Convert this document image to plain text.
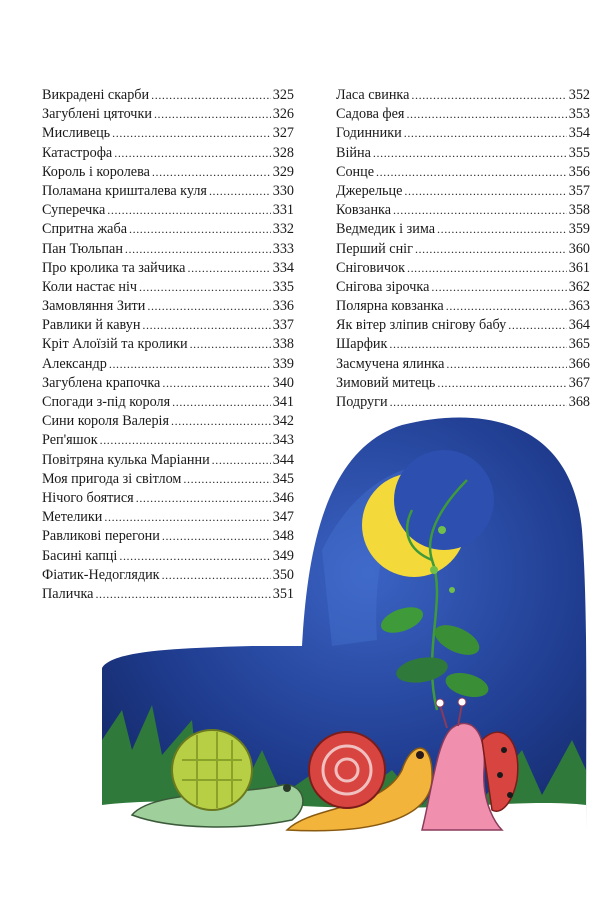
Викрадені скарби .....	325
Загублені цяточки .....	326
Мисливець .....	327
Катастрофа .....	328
Король і королева .....	329
Поламана кришталева куля .....	330
Суперечка .....	331
Спритна жаба .....	332
Пан Тюльпан .....	333
Про кролика та зайчика .....	334
Коли настає ніч .....	335
Замовляння Зити .....	336
Равлики й кавун .....	337
Кріт Алоїзій та кролики .....	338
Александр .....	339
Загублена крапочка .....	340
Спогади з-під короля .....	341
Сини короля Валерія .....	342
Реп'яшок .....	343
Повітряна кулька Маріанни .....	344
Моя пригода зі світлом .....	345
Нічого боятися .....	346
Метелики .....	347
Равликові перегони .....	348
Басині капці .....	349
Фіатик-Недоглядик .....	350
Паличка .....	351
Ласа свинка .....	352
Садова фея .....	353
Годинники .....	354
Війна .....	355
Сонце .....	356
Джерельце .....	357
Ковзанка .....	358
Ведмедик і зима .....	359
Перший сніг .....	360
Сніговичок .....	361
Снігова зірочка .....	362
Полярна ковзанка .....	363
Як вітер зліпив снігову бабу .....	364
Шарфик .....	365
Засмучена ялинка .....	366
Зимовий митець .....	367
Подруги .....	368
